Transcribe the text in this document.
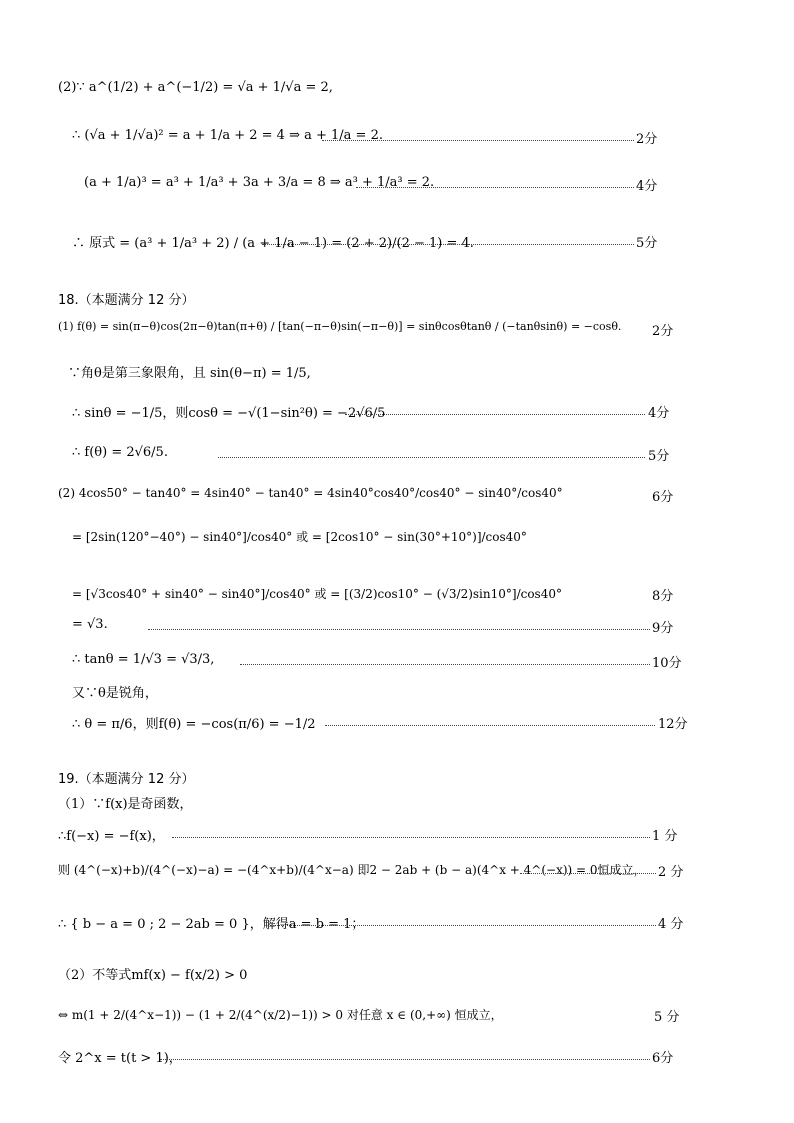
(2)∵ a^(1/2) + a^(−1/2) = √a + 1/√a = 2,
∴ (√a + 1/√a)² = a + 1/a + 2 = 4 ⇒ a + 1/a = 2.	2分
(a + 1/a)³ = a³ + 1/a³ + 3a + 3/a = 8 ⇒ a³ + 1/a³ = 2.	4分
∴ 原式 = (a³ + 1/a³ + 2) / (a + 1/a − 1) = (2 + 2)/(2 − 1) = 4.	5分
18.（本题满分 12 分）
(1) f(θ) = sin(π−θ)cos(2π−θ)tan(π+θ) / [tan(−π−θ)sin(−π−θ)] = sinθcosθtanθ / (−tanθsinθ) = −cosθ. 2分
∵角θ是第三象限角，且 sin(θ−π) = 1/5,
∴ sinθ = −1/5，则cosθ = −√(1−sin²θ) = −2√6/5	4分
∴ f(θ) = 2√6/5.	5分
(2) 4cos50° − tan40° = 4sin40° − tan40° = 4sin40°cos40°/cos40° − sin40°/cos40°	6分
= [2sin(120°−40°) − sin40°]/cos40° 或 = [2cos10° − sin(30°+10°)]/cos40°
= [√3cos40° + sin40° − sin40°]/cos40° 或 = [(3/2)cos10° − (√3/2)sin10°]/cos40°	8分
= √3.	9分
∴ tanθ = 1/√3 = √3/3,	10分
又∵θ是锐角，
∴ θ = π/6，则f(θ) = −cos(π/6) = −1/2	12分
19.（本题满分 12 分）
（1）∵f(x)是奇函数，
∴f(−x) = −f(x)，	1 分
则 (4^(−x)+b)/(4^(−x)−a) = −(4^x+b)/(4^x−a) 即2 − 2ab + (b − a)(4^x + 4^(−x)) = 0恒成立， 2 分
∴ { b − a = 0 ; 2 − 2ab = 0 }，解得a = b = 1；	4 分
（2）不等式mf(x) − f(x/2) > 0
⇔ m(1 + 2/(4^x−1)) − (1 + 2/(4^(x/2)−1)) > 0 对任意 x ∈ (0,+∞) 恒成立，	5 分
令 2^x = t(t > 1)，	6分
